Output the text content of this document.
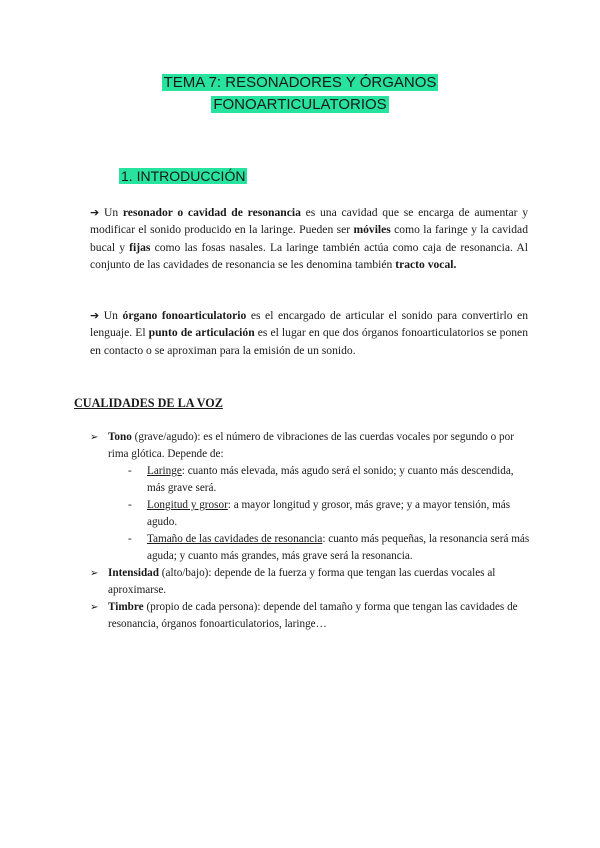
TEMA 7: RESONADORES Y ÓRGANOS
FONOARTICULATORIOS
1. INTRODUCCIÓN
➔ Un resonador o cavidad de resonancia es una cavidad que se encarga de aumentar y modificar el sonido producido en la laringe. Pueden ser móviles como la faringe y la cavidad bucal y fijas como las fosas nasales. La laringe también actúa como caja de resonancia. Al conjunto de las cavidades de resonancia se les denomina también tracto vocal.
➔ Un órgano fonoarticulatorio es el encargado de articular el sonido para convertirlo en lenguaje. El punto de articulación es el lugar en que dos órganos fonoarticulatorios se ponen en contacto o se aproximan para la emisión de un sonido.
CUALIDADES DE LA VOZ
➢ Tono (grave/agudo): es el número de vibraciones de las cuerdas vocales por segundo o por rima glótica. Depende de:
-	Laringe: cuanto más elevada, más agudo será el sonido; y cuanto más descendida, más grave será.
-	Longitud y grosor: a mayor longitud y grosor, más grave; y a mayor tensión, más agudo.
-	Tamaño de las cavidades de resonancia: cuanto más pequeñas, la resonancia será más aguda; y cuanto más grandes, más grave será la resonancia.
➢ Intensidad (alto/bajo): depende de la fuerza y forma que tengan las cuerdas vocales al aproximarse.
➢ Timbre (propio de cada persona): depende del tamaño y forma que tengan las cavidades de resonancia, órganos fonoarticulatorios, laringe…
